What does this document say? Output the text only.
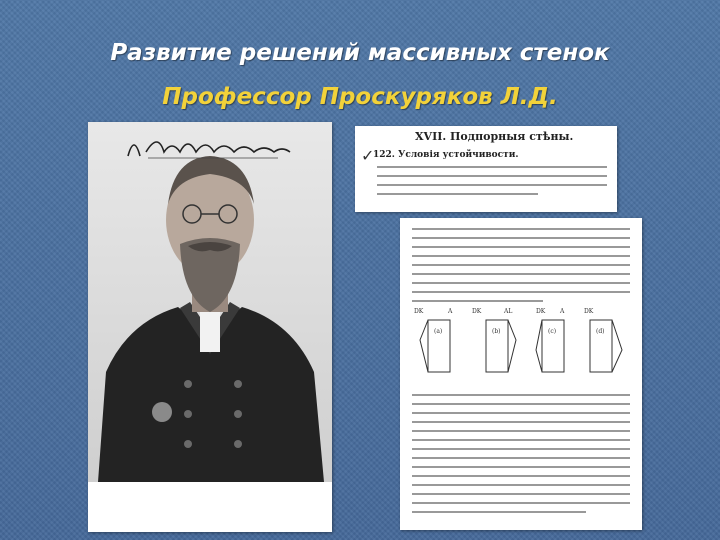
Развитие решений массивных стенок
Профессор Проскуряков Л.Д.
XVII. Подпорныя стѣны.
✓
122. Условія устойчивости.
DK	A	DK	AL	DK A	DK
(a)	(b)	(c)	(d)
